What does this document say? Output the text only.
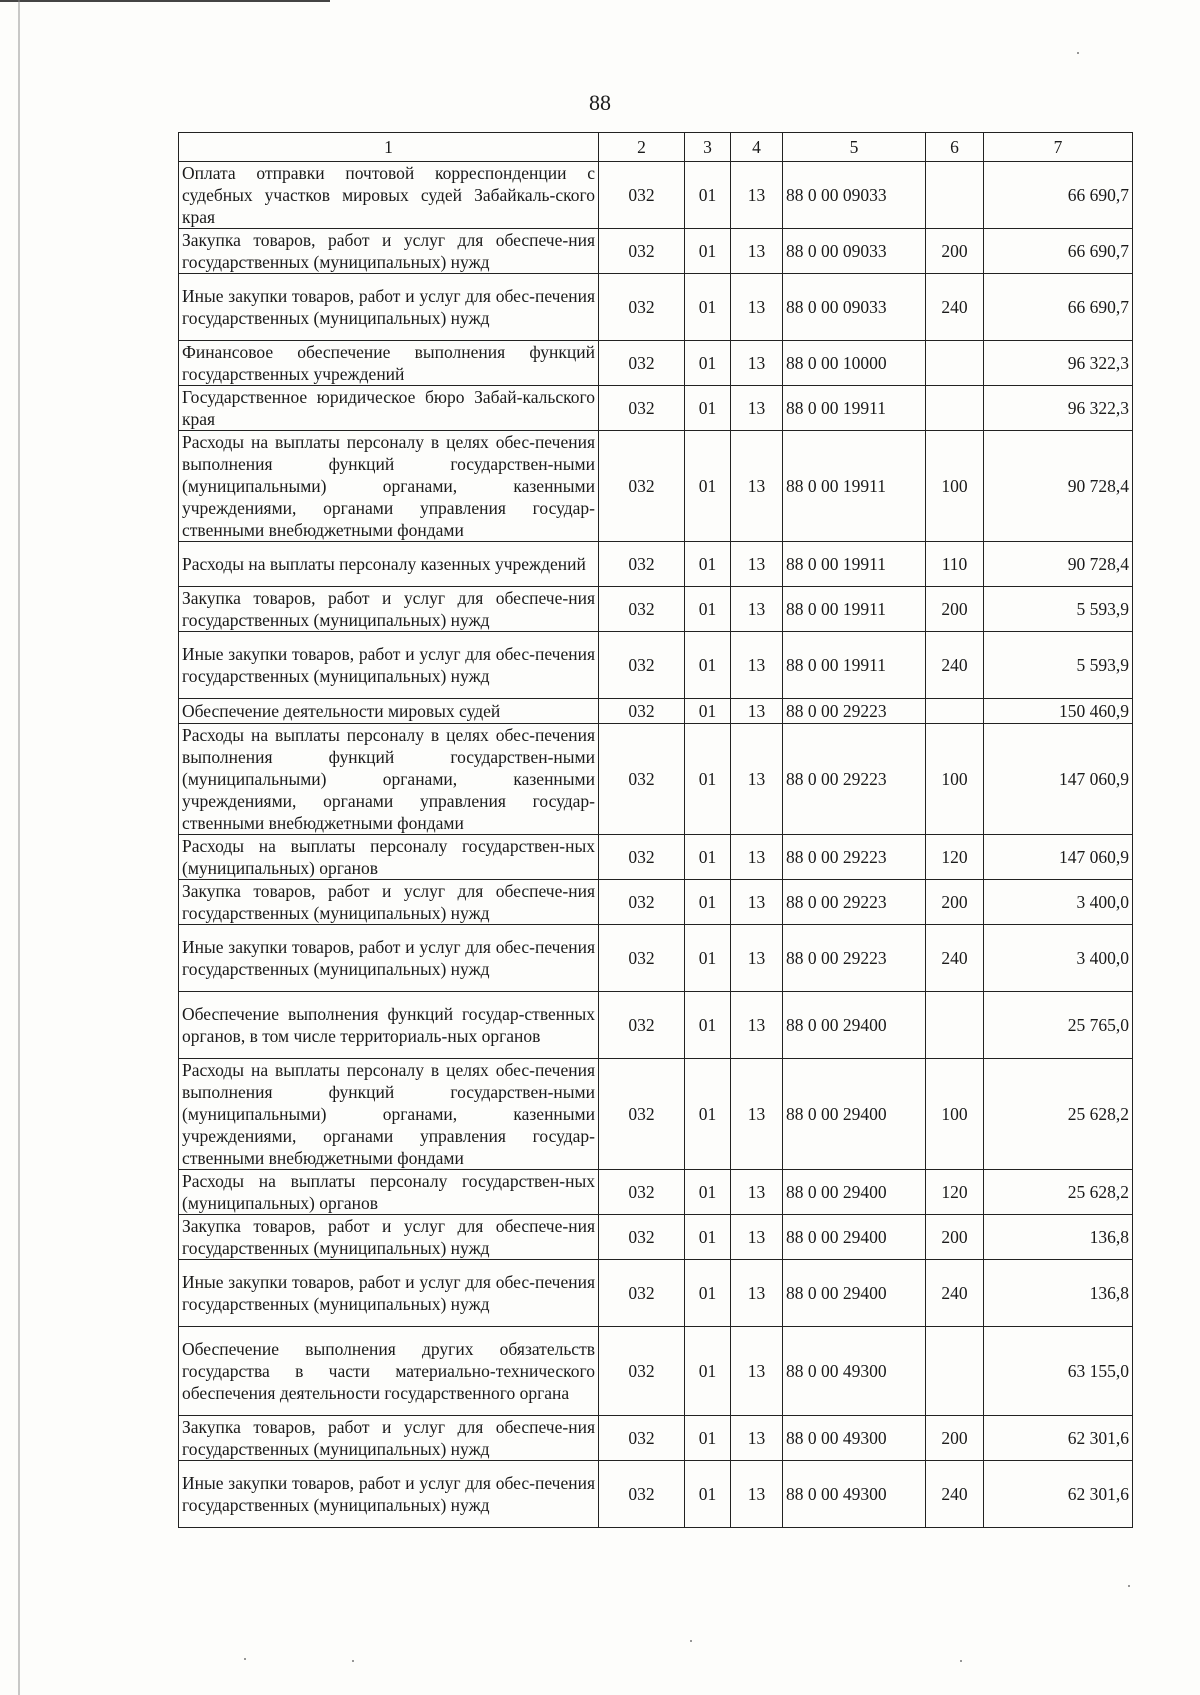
88
1	2	3	4	5	6	7
Оплата отправки почтовой корреспонденции с судебных участков мировых судей Забайкаль-ского края	032	01	13	88 0 00 09033		66 690,7
Закупка товаров, работ и услуг для обеспече-ния государственных (муниципальных) нужд	032	01	13	88 0 00 09033	200	66 690,7
Иные закупки товаров, работ и услуг для обес-печения государственных (муниципальных) нужд	032	01	13	88 0 00 09033	240	66 690,7
Финансовое обеспечение выполнения функций государственных учреждений	032	01	13	88 0 00 10000		96 322,3
Государственное юридическое бюро Забай-кальского края	032	01	13	88 0 00 19911		96 322,3
Расходы на выплаты персоналу в целях обес-печения выполнения функций государствен-ными (муниципальными) органами, казенными учреждениями, органами управления государ-ственными внебюджетными фондами	032	01	13	88 0 00 19911	100	90 728,4
Расходы на выплаты персоналу казенных учреждений	032	01	13	88 0 00 19911	110	90 728,4
Закупка товаров, работ и услуг для обеспече-ния государственных (муниципальных) нужд	032	01	13	88 0 00 19911	200	5 593,9
Иные закупки товаров, работ и услуг для обес-печения государственных (муниципальных) нужд	032	01	13	88 0 00 19911	240	5 593,9
Обеспечение деятельности мировых судей	032	01	13	88 0 00 29223		150 460,9
Расходы на выплаты персоналу в целях обес-печения выполнения функций государствен-ными (муниципальными) органами, казенными учреждениями, органами управления государ-ственными внебюджетными фондами	032	01	13	88 0 00 29223	100	147 060,9
Расходы на выплаты персоналу государствен-ных (муниципальных) органов	032	01	13	88 0 00 29223	120	147 060,9
Закупка товаров, работ и услуг для обеспече-ния государственных (муниципальных) нужд	032	01	13	88 0 00 29223	200	3 400,0
Иные закупки товаров, работ и услуг для обес-печения государственных (муниципальных) нужд	032	01	13	88 0 00 29223	240	3 400,0
Обеспечение выполнения функций государ-ственных органов, в том числе территориаль-ных органов	032	01	13	88 0 00 29400		25 765,0
Расходы на выплаты персоналу в целях обес-печения выполнения функций государствен-ными (муниципальными) органами, казенными учреждениями, органами управления государ-ственными внебюджетными фондами	032	01	13	88 0 00 29400	100	25 628,2
Расходы на выплаты персоналу государствен-ных (муниципальных) органов	032	01	13	88 0 00 29400	120	25 628,2
Закупка товаров, работ и услуг для обеспече-ния государственных (муниципальных) нужд	032	01	13	88 0 00 29400	200	136,8
Иные закупки товаров, работ и услуг для обес-печения государственных (муниципальных) нужд	032	01	13	88 0 00 29400	240	136,8
Обеспечение выполнения других обязательств государства в части материально-технического обеспечения деятельности государственного органа	032	01	13	88 0 00 49300		63 155,0
Закупка товаров, работ и услуг для обеспече-ния государственных (муниципальных) нужд	032	01	13	88 0 00 49300	200	62 301,6
Иные закупки товаров, работ и услуг для обес-печения государственных (муниципальных) нужд	032	01	13	88 0 00 49300	240	62 301,6
